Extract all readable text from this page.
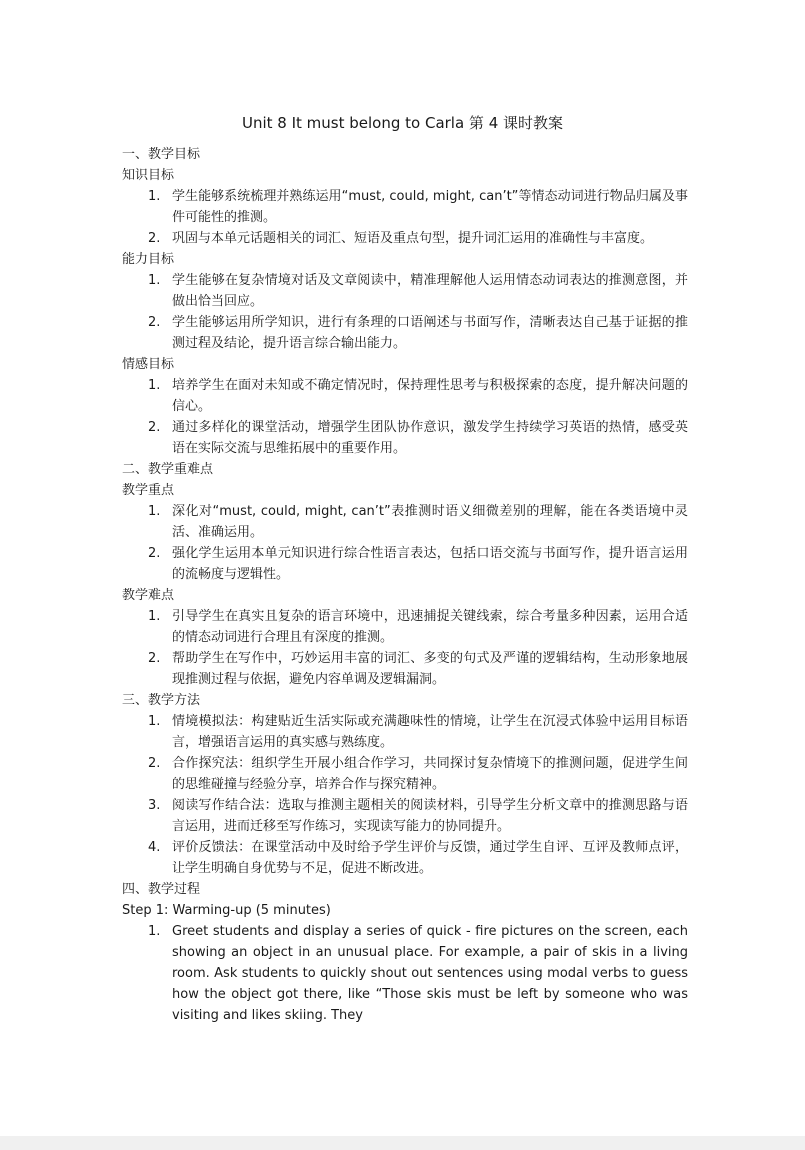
Unit 8 It must belong to Carla 第 4 课时教案

一、教学目标

知识目标

1. 学生能够系统梳理并熟练运用“must, could, might, can’t”等情态动词进行物品归属及事件可能性的推测。
2. 巩固与本单元话题相关的词汇、短语及重点句型，提升词汇运用的准确性与丰富度。

能力目标

1. 学生能够在复杂情境对话及文章阅读中，精准理解他人运用情态动词表达的推测意图，并做出恰当回应。
2. 学生能够运用所学知识，进行有条理的口语阐述与书面写作，清晰表达自己基于证据的推测过程及结论，提升语言综合输出能力。

情感目标

1. 培养学生在面对未知或不确定情况时，保持理性思考与积极探索的态度，提升解决问题的信心。
2. 通过多样化的课堂活动，增强学生团队协作意识，激发学生持续学习英语的热情，感受英语在实际交流与思维拓展中的重要作用。

二、教学重难点

教学重点

1. 深化对“must, could, might, can’t”表推测时语义细微差别的理解，能在各类语境中灵活、准确运用。
2. 强化学生运用本单元知识进行综合性语言表达，包括口语交流与书面写作，提升语言运用的流畅度与逻辑性。

教学难点

1. 引导学生在真实且复杂的语言环境中，迅速捕捉关键线索，综合考量多种因素，运用合适的情态动词进行合理且有深度的推测。
2. 帮助学生在写作中，巧妙运用丰富的词汇、多变的句式及严谨的逻辑结构，生动形象地展现推测过程与依据，避免内容单调及逻辑漏洞。

三、教学方法

1. 情境模拟法：构建贴近生活实际或充满趣味性的情境，让学生在沉浸式体验中运用目标语言，增强语言运用的真实感与熟练度。
2. 合作探究法：组织学生开展小组合作学习，共同探讨复杂情境下的推测问题，促进学生间的思维碰撞与经验分享，培养合作与探究精神。
3. 阅读写作结合法：选取与推测主题相关的阅读材料，引导学生分析文章中的推测思路与语言运用，进而迁移至写作练习，实现读写能力的协同提升。
4. 评价反馈法：在课堂活动中及时给予学生评价与反馈，通过学生自评、互评及教师点评，让学生明确自身优势与不足，促进不断改进。

四、教学过程

Step 1: Warming-up (5 minutes)

1. Greet students and display a series of quick - fire pictures on the screen, each showing an object in an unusual place. For example, a pair of skis in a living room. Ask students to quickly shout out sentences using modal verbs to guess how the object got there, like “Those skis must be left by someone who was visiting and likes skiing. They
